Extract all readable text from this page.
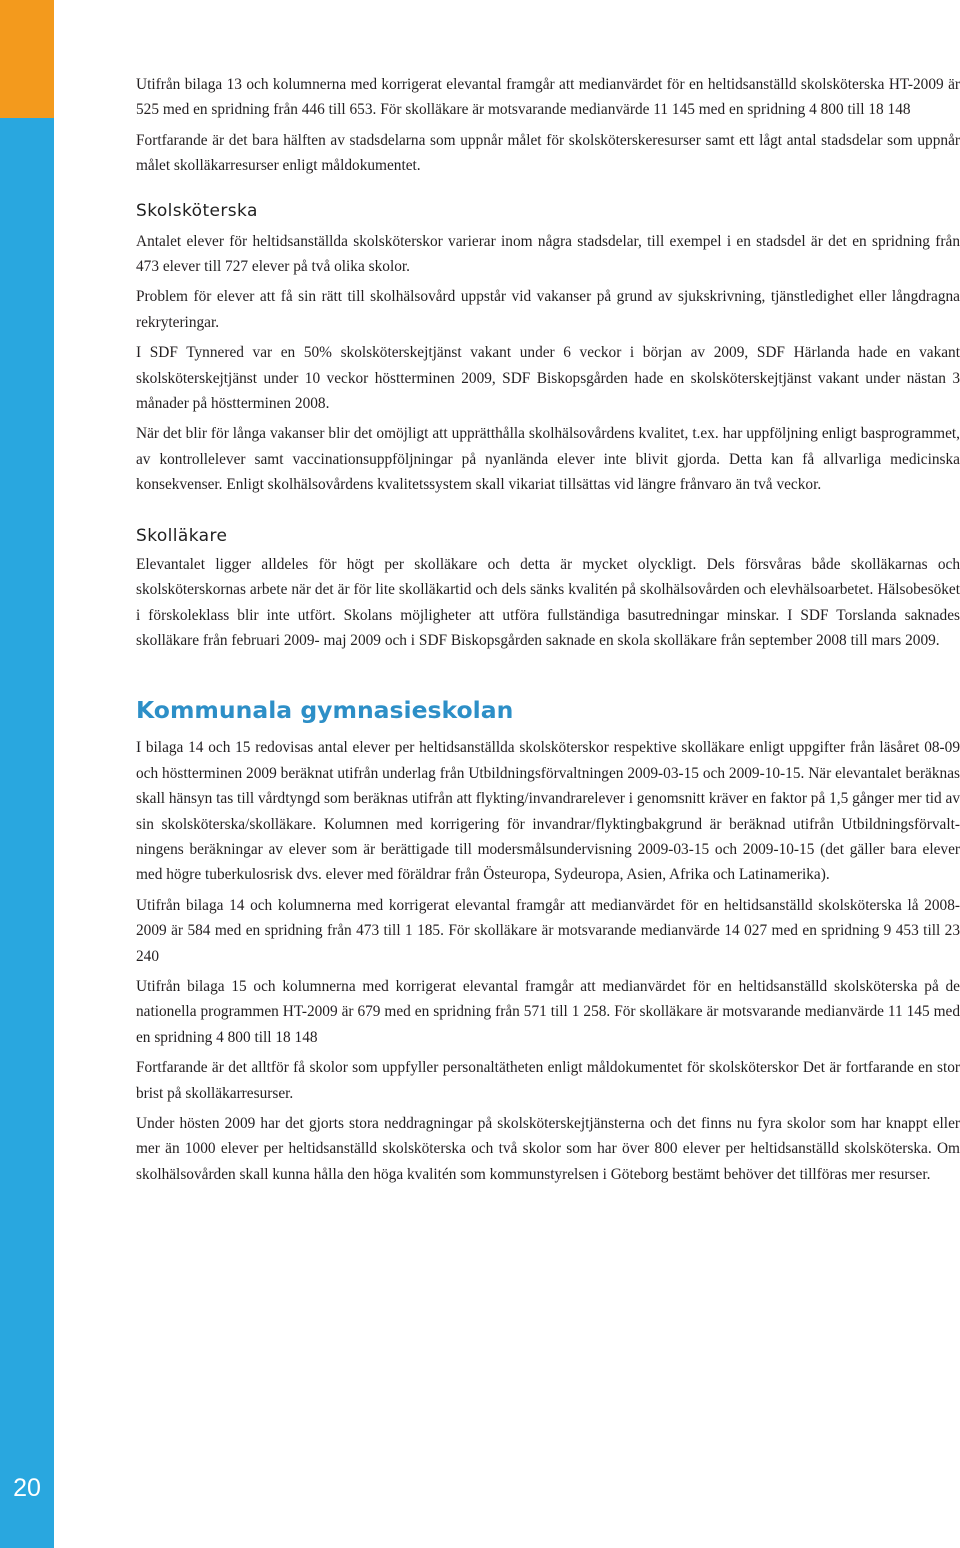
20

Utifrån bilaga 13 och kolumnerna med korrigerat elevantal framgår att medianvärdet för en heltidsanställd skolsköterska HT-2009 är 525 med en spridning från 446 till 653. För skolläkare är motsvarande medianvärde 11 145 med en spridning 4 800 till 18 148

Fortfarande är det bara hälften av stadsdelarna som uppnår målet för skolsköterskeresurser samt ett lågt antal stadsdelar som uppnår målet skolläkarresurser enligt måldokumentet.

Skolsköterska

Antalet elever för heltidsanställda skolsköterskor varierar inom några stadsdelar, till exempel i en stadsdel är det en spridning från 473 elever till 727 elever på två olika skolor.

Problem för elever att få sin rätt till skolhälsovård uppstår vid vakanser på grund av sjukskrivning, tjänstledighet eller långdragna rekryteringar.

I SDF Tynnered var en 50% skolsköterskejtjänst vakant under 6 veckor i början av 2009, SDF Härlanda hade en vakant skolsköterskejtjänst under 10 veckor höstterminen 2009, SDF Biskopsgården hade en skolsköterskejtjänst vakant under nästan 3 månader på höstterminen 2008.

När det blir för långa vakanser blir det omöjligt att upprätthålla skolhälsovårdens kvalitet, t.ex. har uppföljning enligt basprogrammet, av kontrollelever samt vaccinationsuppföljningar på nyanlända elever inte blivit gjorda. Detta kan få allvarliga medicinska konsekvenser. Enligt skolhälsovårdens kvalitetssystem skall vikariat tillsättas vid längre frånvaro än två veckor.

Skolläkare

Elevantalet ligger alldeles för högt per skolläkare och detta är mycket olyckligt. Dels försvåras både skolläkarnas och skolsköterskornas arbete när det är för lite skolläkartid och dels sänks kvalitén på skolhälsovården och elevhälsoarbetet. Hälsobesöket i förskoleklass blir inte utfört. Skolans möjligheter att utföra fullständiga basutredningar minskar. I SDF Torslanda saknades skolläkare från februari 2009- maj 2009 och i SDF Biskopsgården saknade en skola skolläkare från september 2008 till mars 2009.

Kommunala gymnasieskolan

I bilaga 14 och 15 redovisas antal elever per heltidsanställda skolsköterskor respektive skolläkare enligt uppgifter från läsåret 08-09 och höstterminen 2009 beräknat utifrån underlag från Utbildningsförvaltningen 2009-03-15 och 2009-10-15. När elevantalet beräknas skall hänsyn tas till vårdtyngd som beräknas utifrån att flykting/invandrarelever i genomsnitt kräver en faktor på 1,5 gånger mer tid av sin skolsköterska/skolläkare. Kolumnen med korrigering för invandrar/flyktingbakgrund är beräknad utifrån Utbildningsförvaltningens beräkningar av elever som är berättigade till modersmålsundervisning 2009-03-15 och 2009-10-15 (det gäller bara elever med högre tuberkulosrisk dvs. elever med föräldrar från Östeuropa, Sydeuropa, Asien, Afrika och Latinamerika).

Utifrån bilaga 14 och kolumnerna med korrigerat elevantal framgår att medianvärdet för en heltidsanställd skolsköterska lå 2008-2009 är 584 med en spridning från 473 till 1 185. För skolläkare är motsvarande medianvärde 14 027 med en spridning 9 453 till 23 240

Utifrån bilaga 15 och kolumnerna med korrigerat elevantal framgår att medianvärdet för en heltidsanställd skolsköterska på de nationella programmen HT-2009 är 679 med en spridning från 571 till 1 258. För skolläkare är motsvarande medianvärde 11 145 med en spridning 4 800 till 18 148

Fortfarande är det alltför få skolor som uppfyller personaltätheten enligt måldokumentet för skolsköterskor Det är fortfarande en stor brist på skolläkarresurser.

Under hösten 2009 har det gjorts stora neddragningar på skolsköterskejtjänsterna och det finns nu fyra skolor som har knappt eller mer än 1000 elever per heltidsanställd skolsköterska och två skolor som har över 800 elever per heltidsanställd skolsköterska. Om skolhälsovården skall kunna hålla den höga kvalitén som kommunstyrelsen i Göteborg bestämt behöver det tillföras mer resurser.
